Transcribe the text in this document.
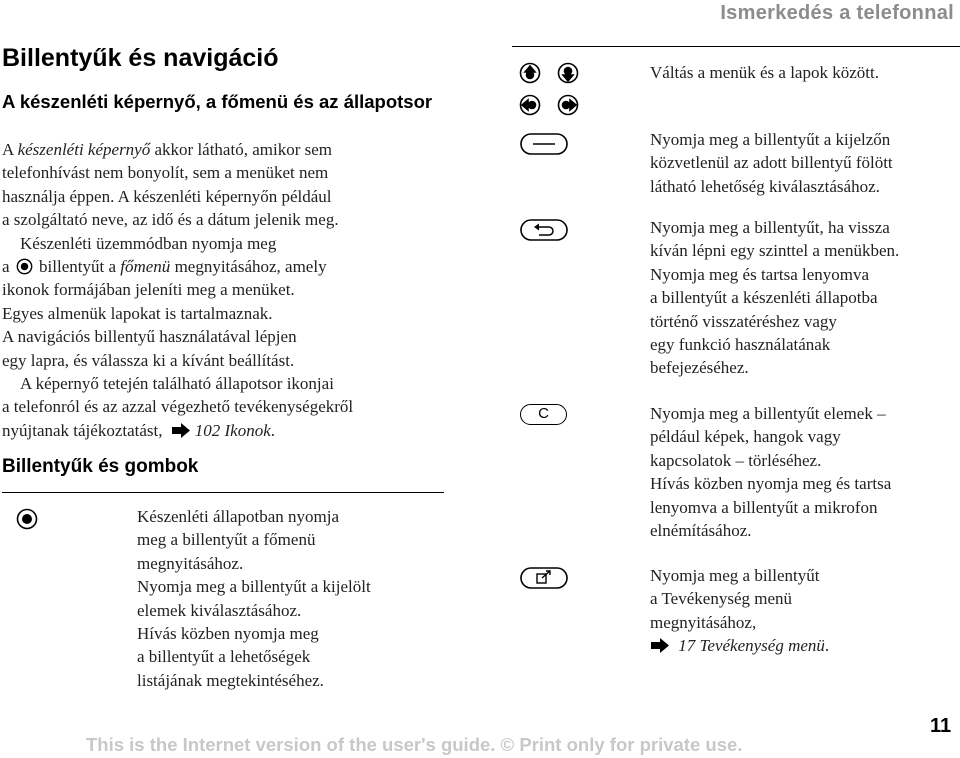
Ismerkedés a telefonnal
Billentyűk és navigáció
A készenléti képernyő, a főmenü és az állapotsor
A készenléti képernyő akkor látható, amikor sem
telefonhívást nem bonyolít, sem a menüket nem
használja éppen. A készenléti képernyőn például
a szolgáltató neve, az idő és a dátum jelenik meg.
Készenléti üzemmódban nyomja meg
a  billentyűt a főmenü megnyitásához, amely
ikonok formájában jeleníti meg a menüket.
Egyes almenük lapokat is tartalmaznak.
A navigációs billentyű használatával lépjen
egy lapra, és válassza ki a kívánt beállítást.
A képernyő tetején található állapotsor ikonjai
a telefonról és az azzal végezhető tevékenységekről
nyújtanak tájékoztatást, 102 Ikonok.
Billentyűk és gombok

Készenléti állapotban nyomja

meg a billentyűt a főmenü

megnyitásához.

Nyomja meg a billentyűt a kijelölt

elemek kiválasztásához.

Hívás közben nyomja meg

a billentyűt a lehetőségek

listájának megtekintéséhez.

Váltás a menük és a lapok között.

Nyomja meg a billentyűt a kijelzőn

közvetlenül az adott billentyű fölött

látható lehetőség kiválasztásához.

Nyomja meg a billentyűt, ha vissza

kíván lépni egy szinttel a menükben.

Nyomja meg és tartsa lenyomva

a billentyűt a készenléti állapotba

történő visszatéréshez vagy

egy funkció használatának

befejezéséhez.

C	Nyomja meg a billentyűt elemek –

például képek, hangok vagy

kapcsolatok – törléséhez.

Hívás közben nyomja meg és tartsa

lenyomva a billentyűt a mikrofon

elnémításához.

Nyomja meg a billentyűt

a Tevékenység menü

megnyitásához,

17 Tevékenység menü.

This is the Internet version of the user's guide. © Print only for private use.
11
